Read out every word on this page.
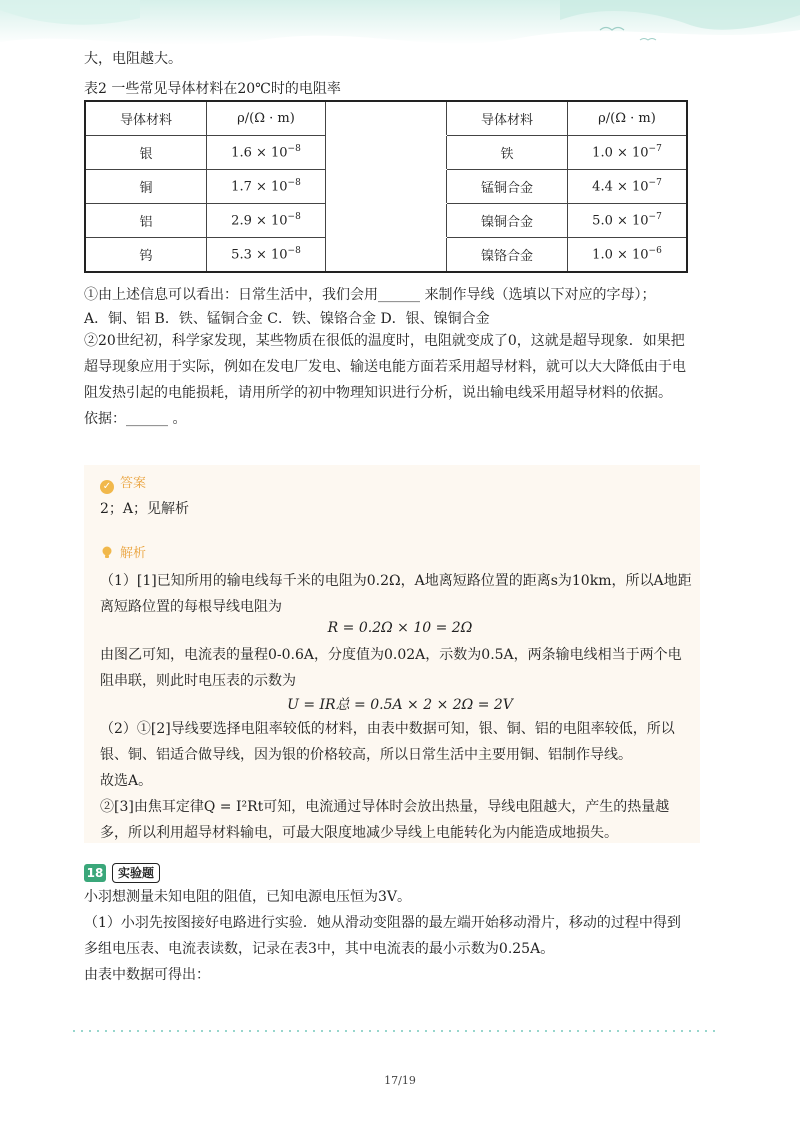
大，电阻越大。
表2 一些常见导体材料在20℃时的电阻率
导体材料	ρ/(Ω · m)		导体材料	ρ/(Ω · m)
银	$1.6 \times 10^{-8}$		铁	$1.0 \times 10^{-7}$
铜	$1.7 \times 10^{-8}$		锰铜合金	$4.4 \times 10^{-7}$
铝	$2.9 \times 10^{-8}$		镍铜合金	$5.0 \times 10^{-7}$
钨	$5.3 \times 10^{-8}$		镍铬合金	$1.0 \times 10^{-6}$
①由上述信息可以看出：日常生活中，我们会用______ 来制作导线（选填以下对应的字母）；
A．铜、铝 B．铁、锰铜合金 C．铁、镍铬合金 D．银、镍铜合金
②20世纪初，科学家发现，某些物质在很低的温度时，电阻就变成了0，这就是超导现象．如果把
超导现象应用于实际，例如在发电厂发电、输送电能方面若采用超导材料，就可以大大降低由于电
阻发热引起的电能损耗，请用所学的初中物理知识进行分析，说出输电线采用超导材料的依据。
依据：______ 。
✓ 答案
2；A；见解析
解析
（1）[1]已知所用的输电线每千米的电阻为0.2Ω，A地离短路位置的距离s为10km，所以A地距
离短路位置的每根导线电阻为
R = 0.2Ω × 10 = 2Ω
由图乙可知，电流表的量程0-0.6A，分度值为0.02A，示数为0.5A，两条输电线相当于两个电
阻串联，则此时电压表的示数为
U = IR总 = 0.5A × 2 × 2Ω = 2V
（2）①[2]导线要选择电阻率较低的材料，由表中数据可知，银、铜、铝的电阻率较低，所以
银、铜、铝适合做导线，因为银的价格较高，所以日常生活中主要用铜、铝制作导线。
故选A。
②[3]由焦耳定律Q = I²Rt可知，电流通过导体时会放出热量，导线电阻越大，产生的热量越
多，所以利用超导材料输电，可最大限度地减少导线上电能转化为内能造成地损失。
18	实验题
小羽想测量未知电阻的阻值，已知电源电压恒为3V。
（1）小羽先按图接好电路进行实验．她从滑动变阻器的最左端开始移动滑片，移动的过程中得到
多组电压表、电流表读数，记录在表3中，其中电流表的最小示数为0.25A。
由表中数据可得出：
17/19
